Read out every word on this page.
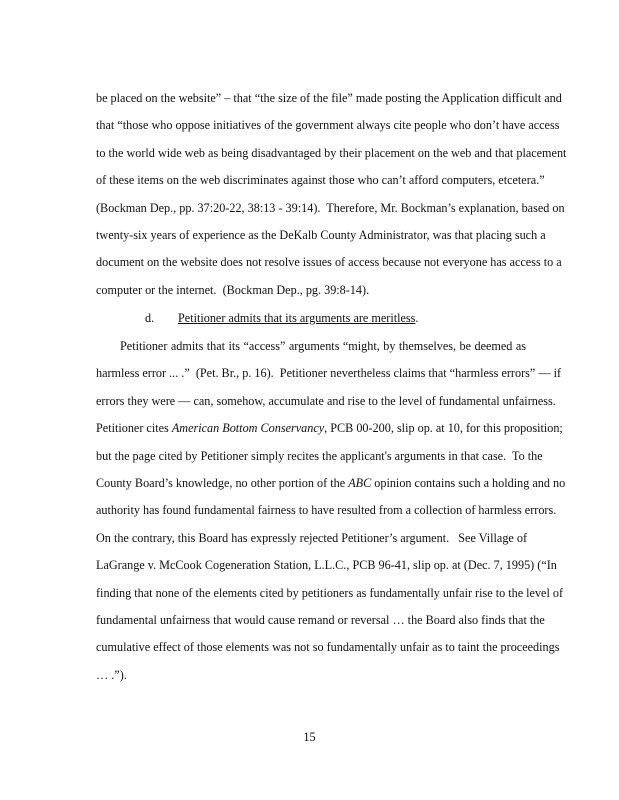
be placed on the website” – that “the size of the file” made posting the Application difficult and
that “those who oppose initiatives of the government always cite people who don’t have access
to the world wide web as being disadvantaged by their placement on the web and that placement
of these items on the web discriminates against those who can’t afford computers, etcetera.”
(Bockman Dep., pp. 37:20-22, 38:13 - 39:14).  Therefore, Mr. Bockman’s explanation, based on
twenty-six years of experience as the DeKalb County Administrator, was that placing such a
document on the website does not resolve issues of access because not everyone has access to a
computer or the internet.  (Bockman Dep., pg. 39:8-14).
d. Petitioner admits that its arguments are meritless.
Petitioner admits that its “access” arguments “might, by themselves, be deemed as
harmless error ... .”  (Pet. Br., p. 16).  Petitioner nevertheless claims that “harmless errors” — if
errors they were — can, somehow, accumulate and rise to the level of fundamental unfairness.
Petitioner cites American Bottom Conservancy, PCB 00-200, slip op. at 10, for this proposition;
but the page cited by Petitioner simply recites the applicant's arguments in that case.  To the
County Board’s knowledge, no other portion of the ABC opinion contains such a holding and no
authority has found fundamental fairness to have resulted from a collection of harmless errors.
On the contrary, this Board has expressly rejected Petitioner’s argument.   See Village of
LaGrange v. McCook Cogeneration Station, L.L.C., PCB 96-41, slip op. at (Dec. 7, 1995) (“In
finding that none of the elements cited by petitioners as fundamentally unfair rise to the level of
fundamental unfairness that would cause remand or reversal … the Board also finds that the
cumulative effect of those elements was not so fundamentally unfair as to taint the proceedings
… .”).
15
